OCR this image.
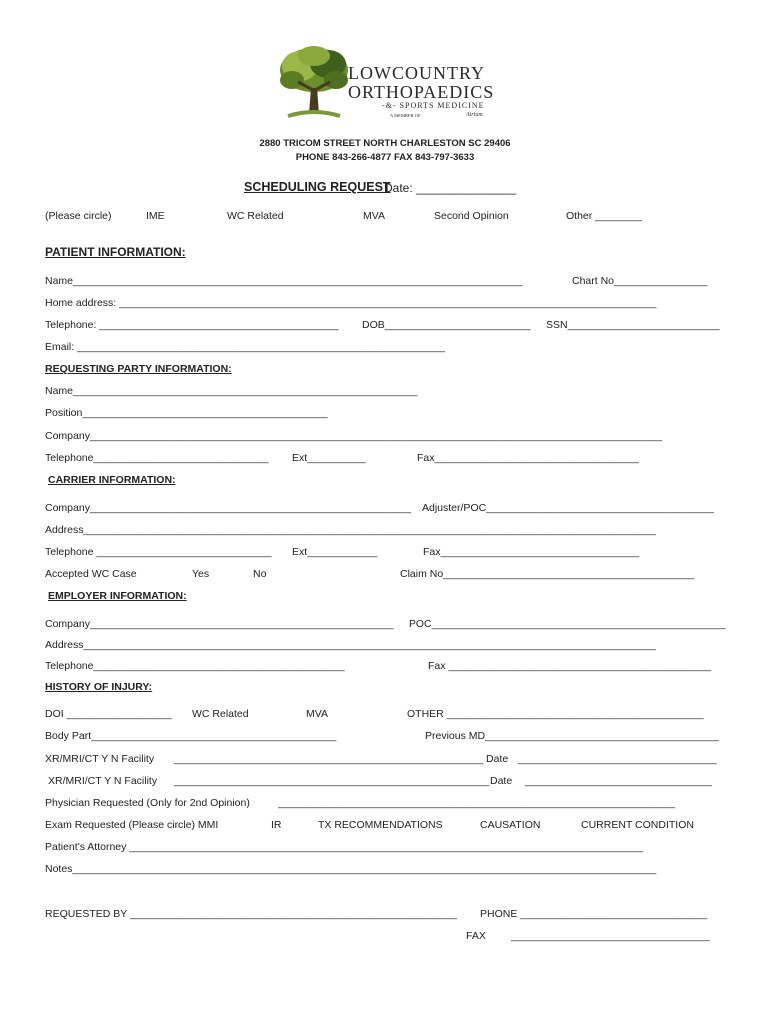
LOWCOUNTRY
ORTHOPAEDICS
-&- SPORTS MEDICINE
A MEMBER OF	Atrium
2880 TRICOM STREET NORTH CHARLESTON SC 29406
PHONE 843-266-4877 FAX 843-797-3633
SCHEDULING REQUEST
Date: _______________
(Please circle)	IME	WC Related	MVA	Second Opinion	Other ________
PATIENT INFORMATION:
Name_____________________________________________________________________________	Chart No________________
Home address: ____________________________________________________________________________________________
Telephone: _________________________________________ DOB_________________________ SSN__________________________
Email: _______________________________________________________________
REQUESTING PARTY INFORMATION:
Name___________________________________________________________
Position__________________________________________
Company__________________________________________________________________________________________________
Telephone______________________________ Ext__________	Fax___________________________________
CARRIER INFORMATION:
Company_______________________________________________________ Adjuster/POC_______________________________________
Address__________________________________________________________________________________________________
Telephone ______________________________ Ext____________	Fax__________________________________
Accepted WC Case	Yes	No	Claim No___________________________________________
EMPLOYER INFORMATION:
Company____________________________________________________ POC___________________________________________________
Address__________________________________________________________________________________________________
Telephone___________________________________________	Fax _____________________________________________
HISTORY OF INJURY:
DOI __________________ WC Related	MVA	OTHER ____________________________________________
Body Part__________________________________________	Previous MD________________________________________
XR/MRI/CT Y N Facility _____________________________________________________ Date __________________________________
XR/MRI/CT Y N Facility ______________________________________________________ Date ________________________________
Physician Requested (Only for 2nd Opinion)	____________________________________________________________________
Exam Requested (Please circle) MMI	IR	TX RECOMMENDATIONS	CAUSATION	CURRENT CONDITION
Patient's Attorney ________________________________________________________________________________________
Notes____________________________________________________________________________________________________
REQUESTED BY ________________________________________________________ PHONE ________________________________
FAX __________________________________
